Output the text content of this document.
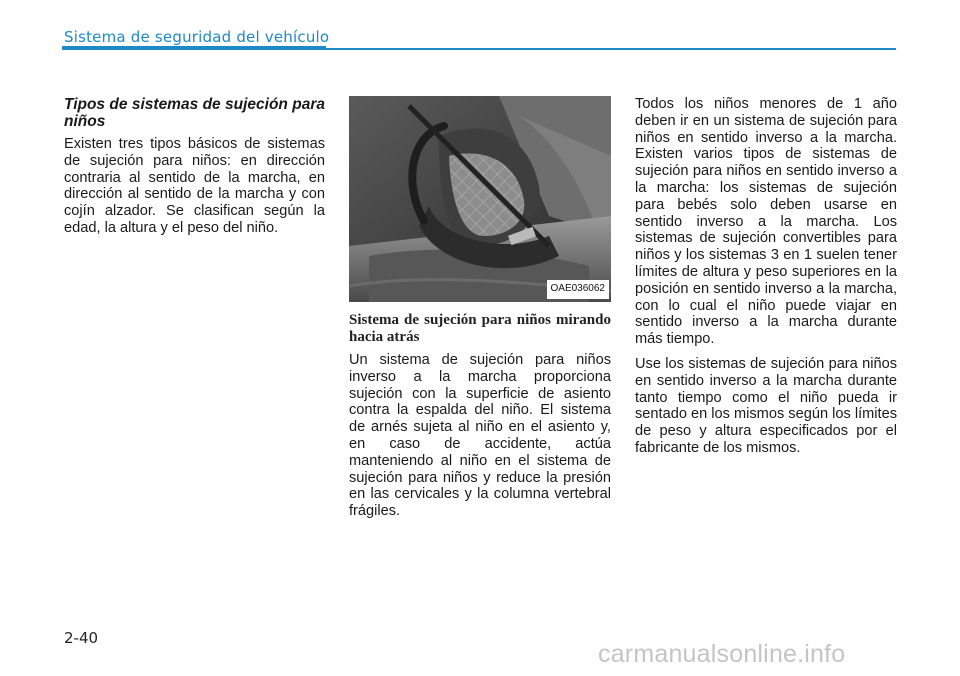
Sistema de seguridad del vehículo
Tipos de sistemas de sujeción para niños
Existen tres tipos básicos de sistemas de sujeción para niños: en dirección contraria al sentido de la marcha, en dirección al sentido de la marcha y con cojín alzador. Se clasifican según la edad, la altura y el peso del niño.
OAE036062
Sistema de sujeción para niños mirando hacia atrás
Un sistema de sujeción para niños inverso a la marcha proporciona sujeción con la superficie de asiento contra la espalda del niño. El sistema de arnés sujeta al niño en el asiento y, en caso de accidente, actúa manteniendo al niño en el sistema de sujeción para niños y reduce la presión en las cervicales y la columna vertebral frágiles.
Todos los niños menores de 1 año deben ir en un sistema de sujeción para niños en sentido inverso a la marcha. Existen varios tipos de sistemas de sujeción para niños en sentido inverso a la marcha: los sistemas de sujeción para bebés solo deben usarse en sentido inverso a la marcha. Los sistemas de sujeción convertibles para niños y los sistemas 3 en 1 suelen tener límites de altura y peso superiores en la posición en sentido inverso a la marcha, con lo cual el niño puede viajar en sentido inverso a la marcha durante más tiempo.
Use los sistemas de sujeción para niños en sentido inverso a la marcha durante tanto tiempo como el niño pueda ir sentado en los mismos según los límites de peso y altura especificados por el fabricante de los mismos.
2-40
carmanualsonline.info
